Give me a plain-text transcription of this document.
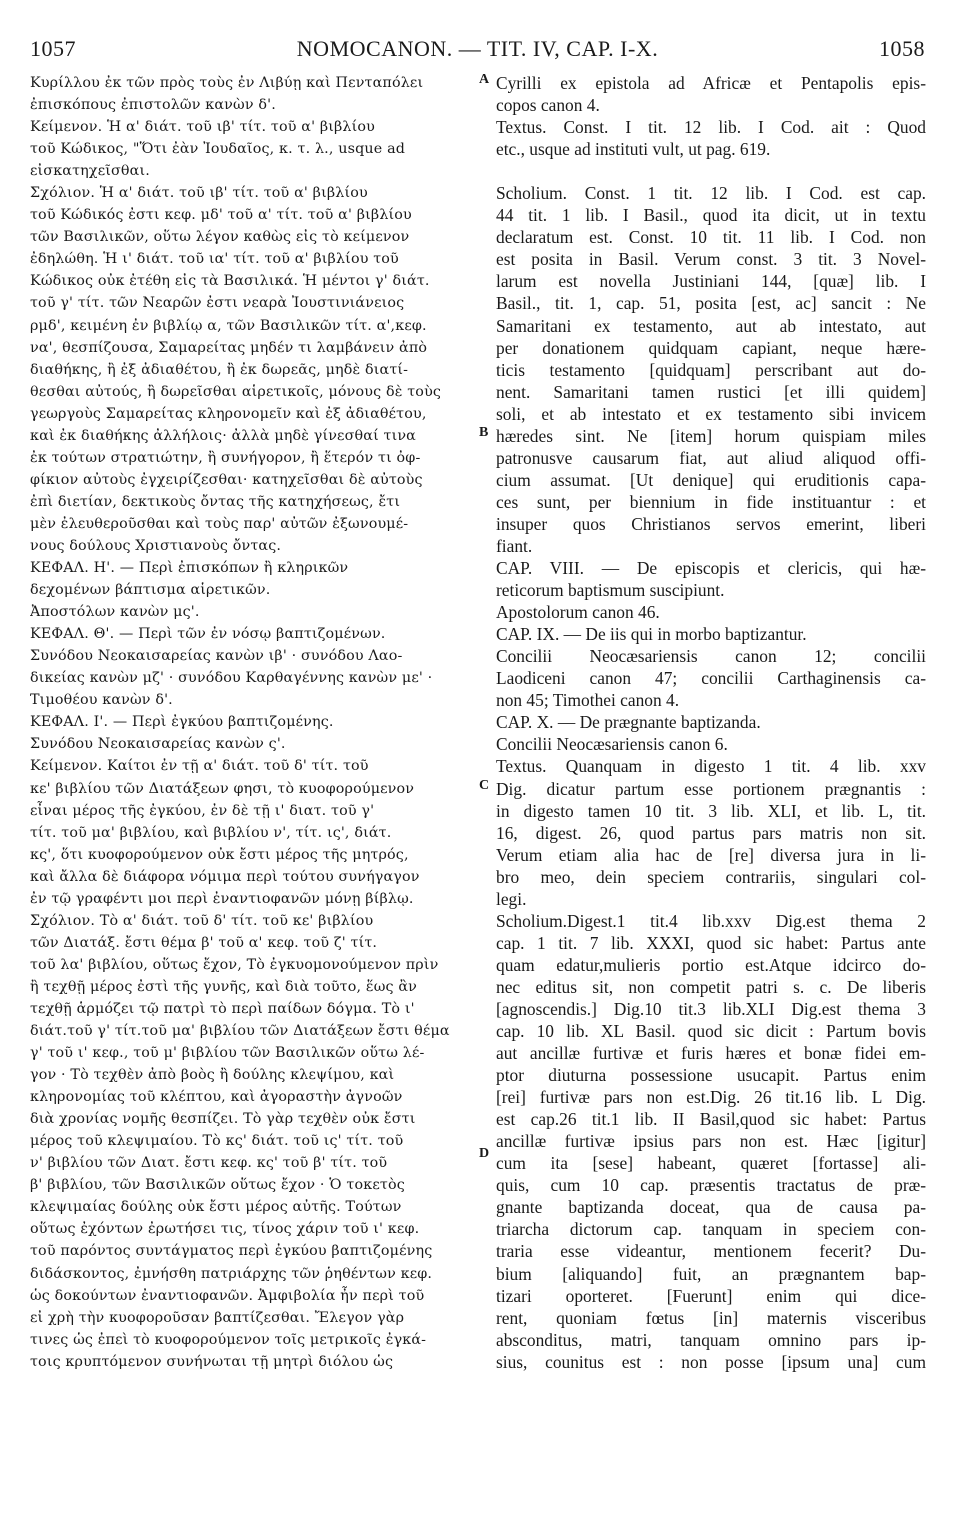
1057	NOMOCANON. — TIT. IV, CAP. I-X.	1058
Κυρίλλου ἐκ τῶν πρὸς τοὺς ἐν Λιβύῃ καὶ Πενταπόλει
ἐπισκόπους ἐπιστολῶν κανὼν δ'.
Κείμενον. Ἡ α' διάτ. τοῦ ιβ' τίτ. τοῦ α' βιβλίου
τοῦ Κώδικος, "Ὅτι ἐὰν Ἰουδαῖος, κ. τ. λ., usque ad
εἰσκατηχεῖσθαι.
Σχόλιον. Ἡ α' διάτ. τοῦ ιβ' τίτ. τοῦ α' βιβλίου
τοῦ Κώδικός ἐστι κεφ. μδ' τοῦ α' τίτ. τοῦ α' βιβλίου
τῶν Βασιλικῶν, οὕτω λέγον καθὼς εἰς τὸ κείμενον
ἐδηλώθη. Ἡ ι' διάτ. τοῦ ια' τίτ. τοῦ α' βιβλίου τοῦ
Κώδικος οὐκ ἐτέθη εἰς τὰ Βασιλικά. Ἡ μέντοι γ' διάτ.
τοῦ γ' τίτ. τῶν Νεαρῶν ἐστι νεαρὰ Ἰουστινιάνειος
ρμδ', κειμένη ἐν βιβλίῳ α, τῶν Βασιλικῶν τίτ. α',κεφ.
να', θεσπίζουσα, Σαμαρείτας μηδέν τι λαμβάνειν ἀπὸ
διαθήκης, ἢ ἐξ ἀδιαθέτου, ἢ ἐκ δωρεᾶς, μηδὲ διατί-
θεσθαι αὐτούς, ἢ δωρεῖσθαι αἱρετικοῖς, μόνους δὲ τοὺς
γεωργοὺς Σαμαρείτας κληρονομεῖν καὶ ἐξ ἀδιαθέτου,
καὶ ἐκ διαθήκης ἀλλήλοις· ἀλλὰ μηδὲ γίνεσθαί τινα
ἐκ τούτων στρατιώτην, ἢ συνήγορον, ἢ ἕτερόν τι ὀφ-
φίκιον αὐτοὺς ἐγχειρίζεσθαι· κατηχεῖσθαι δὲ αὐτοὺς
ἐπὶ διετίαν, δεκτικοὺς ὄντας τῆς κατηχήσεως, ἔτι
μὲν ἐλευθεροῦσθαι καὶ τοὺς παρ' αὐτῶν ἐξωνουμέ-
νους δούλους Χριστιανοὺς ὄντας.
ΚΕΦΑΛ. Η'. — Περὶ ἐπισκόπων ἢ κληρικῶν
δεχομένων βάπτισμα αἱρετικῶν.
Ἀποστόλων κανὼν μς'.
ΚΕΦΑΛ. Θ'. — Περὶ τῶν ἐν νόσῳ βαπτιζομένων.
Συνόδου Νεοκαισαρείας κανὼν ιβ' · συνόδου Λαο-
δικείας κανὼν μζ' · συνόδου Καρθαγέννης κανὼν με' ·
Τιμοθέου κανὼν δ'.
ΚΕΦΑΛ. Ι'. — Περὶ ἐγκύου βαπτιζομένης.
Συνόδου Νεοκαισαρείας κανὼν ς'.
Κείμενον. Καίτοι ἐν τῇ α' διάτ. τοῦ δ' τίτ. τοῦ
κε' βιβλίου τῶν Διατάξεων φησι, τὸ κυοφορούμενον
εἶναι μέρος τῆς ἐγκύου, ἐν δὲ τῇ ι' διατ. τοῦ γ'
τίτ. τοῦ μα' βιβλίου, καὶ βιβλίου ν', τίτ. ις', διάτ.
κς', ὅτι κυοφορούμενον οὐκ ἔστι μέρος τῆς μητρός,
καὶ ἄλλα δὲ διάφορα νόμιμα περὶ τούτου συνήγαγον
ἐν τῷ γραφέντι μοι περὶ ἐναντιοφανῶν μόνῃ βίβλῳ.
Σχόλιον. Τὸ α' διάτ. τοῦ δ' τίτ. τοῦ κε' βιβλίου
τῶν Διατάξ. ἔστι θέμα β' τοῦ α' κεφ. τοῦ ζ' τίτ.
τοῦ λα' βιβλίου, οὕτως ἔχον, Τὸ ἐγκυομονούμενον πρὶν
ἢ τεχθῇ μέρος ἐστὶ τῆς γυνῆς, καὶ διὰ τοῦτο, ἕως ἂν
τεχθῇ ἁρμόζει τῷ πατρὶ τὸ περὶ παίδων δόγμα. Τὸ ι'
διάτ.τοῦ γ' τίτ.τοῦ μα' βιβλίου τῶν Διατάξεων ἔστι θέμα
γ' τοῦ ι' κεφ., τοῦ μ' βιβλίου τῶν Βασιλικῶν οὕτω λέ-
γον · Τὸ τεχθὲν ἀπὸ βοὸς ἢ δούλης κλεψίμου, καὶ
κληρονομίας τοῦ κλέπτου, καὶ ἀγοραστὴν ἀγνοῶν
διὰ χρονίας νομῆς θεσπίζει. Τὸ γὰρ τεχθὲν οὐκ ἔστι
μέρος τοῦ κλεψιμαίου. Τὸ κς' διάτ. τοῦ ις' τίτ. τοῦ
ν' βιβλίου τῶν Διατ. ἔστι κεφ. κς' τοῦ β' τίτ. τοῦ
β' βιβλίου, τῶν Βασιλικῶν οὕτως ἔχον · Ὁ τοκετὸς
κλεψιμαίας δούλης οὐκ ἔστι μέρος αὐτῆς. Τούτων
οὕτως ἐχόντων ἐρωτήσει τις, τίνος χάριν τοῦ ι' κεφ.
τοῦ παρόντος συντάγματος περὶ ἐγκύου βαπτιζομένης
διδάσκοντος, ἐμνήσθη πατριάρχης τῶν ῥηθέντων κεφ.
ὡς δοκούντων ἐναντιοφανῶν. Ἀμφιβολία ἦν περὶ τοῦ
εἰ χρὴ τὴν κυοφοροῦσαν βαπτίζεσθαι. Ἔλεγον γὰρ
τινες ὡς ἐπεὶ τὸ κυοφορούμενον τοῖς μετρικοῖς ἐγκά-
τοις κρυπτόμενον συνήνωται τῇ μητρὶ διόλου ὡς
Cyrilli ex epistola ad Africæ et Pentapolis epis-
copos canon 4.
Textus. Const. I tit. 12 lib. I Cod. ait : Quod
etc., usque ad instituti vult, ut pag. 619.
Scholium. Const. 1 tit. 12 lib. I Cod. est cap.
44 tit. 1 lib. I Basil., quod ita dicit, ut in textu
declaratum est. Const. 10 tit. 11 lib. I Cod. non
est posita in Basil. Verum const. 3 tit. 3 Novel-
larum est novella Justiniani 144, [quæ] lib. I
Basil., tit. 1, cap. 51, posita [est, ac] sancit : Ne
Samaritani ex testamento, aut ab intestato, aut
per donationem quidquam capiant, neque hære-
ticis testamento [quidquam] perscribant aut do-
nent. Samaritani tamen rustici [et illi quidem]
soli, et ab intestato et ex testamento sibi invicem
hæredes sint. Ne [item] horum quispiam miles
patronusve causarum fiat, aut aliud aliquod offi-
cium assumat. [Ut denique] qui eruditionis capa-
ces sunt, per biennium in fide instituantur : et
insuper quos Christianos servos emerint, liberi
fiant.
CAP. VIII. — De episcopis et clericis, qui hæ-
reticorum baptismum suscipiunt.
Apostolorum canon 46.
CAP. IX. — De iis qui in morbo baptizantur.
Concilii Neocæsariensis canon 12; concilii
Laodiceni canon 47; concilii Carthaginensis ca-
non 45; Timothei canon 4.
CAP. X. — De prægnante baptizanda.
Concilii Neocæsariensis canon 6.
Textus. Quanquam in digesto 1 tit. 4 lib. xxv
Dig. dicatur partum esse portionem prægnantis :
in digesto tamen 10 tit. 3 lib. XLI, et lib. L, tit.
16, digest. 26, quod partus pars matris non sit.
Verum etiam alia hac de [re] diversa jura in li-
bro meo, dein speciem contrariis, singulari col-
legi.
Scholium.Digest.1 tit.4 lib.xxv Dig.est thema 2
cap. 1 tit. 7 lib. XXXI, quod sic habet: Partus ante
quam edatur,mulieris portio est.Atque idcirco do-
nec editus sit, non competit patri s. c. De liberis
[agnoscendis.] Dig.10 tit.3 lib.XLI Dig.est thema 3
cap. 10 lib. XL Basil. quod sic dicit : Partum bovis
aut ancillæ furtivæ et furis hæres et bonæ fidei em-
ptor diuturna possessione usucapit. Partus enim
[rei] furtivæ pars non est.Dig. 26 tit.16 lib. L Dig.
est cap.26 tit.1 lib. II Basil,quod sic habet: Partus
ancillæ furtivæ ipsius pars non est. Hæc [igitur]
cum ita [sese] habeant, quæret [fortasse] ali-
quis, cum 10 cap. præsentis tractatus de præ-
gnante baptizanda doceat, qua de causa pa-
triarcha dictorum cap. tanquam in speciem con-
traria esse videantur, mentionem fecerit? Du-
bium [aliquando] fuit, an prægnantem bap-
tizari oporteret. [Fuerunt] enim qui dice-
rent, quoniam fœtus [in] maternis visceribus
absconditus, matri, tanquam omnino pars ip-
sius, counitus est : non posse [ipsum una] cum
A
B
C
D
